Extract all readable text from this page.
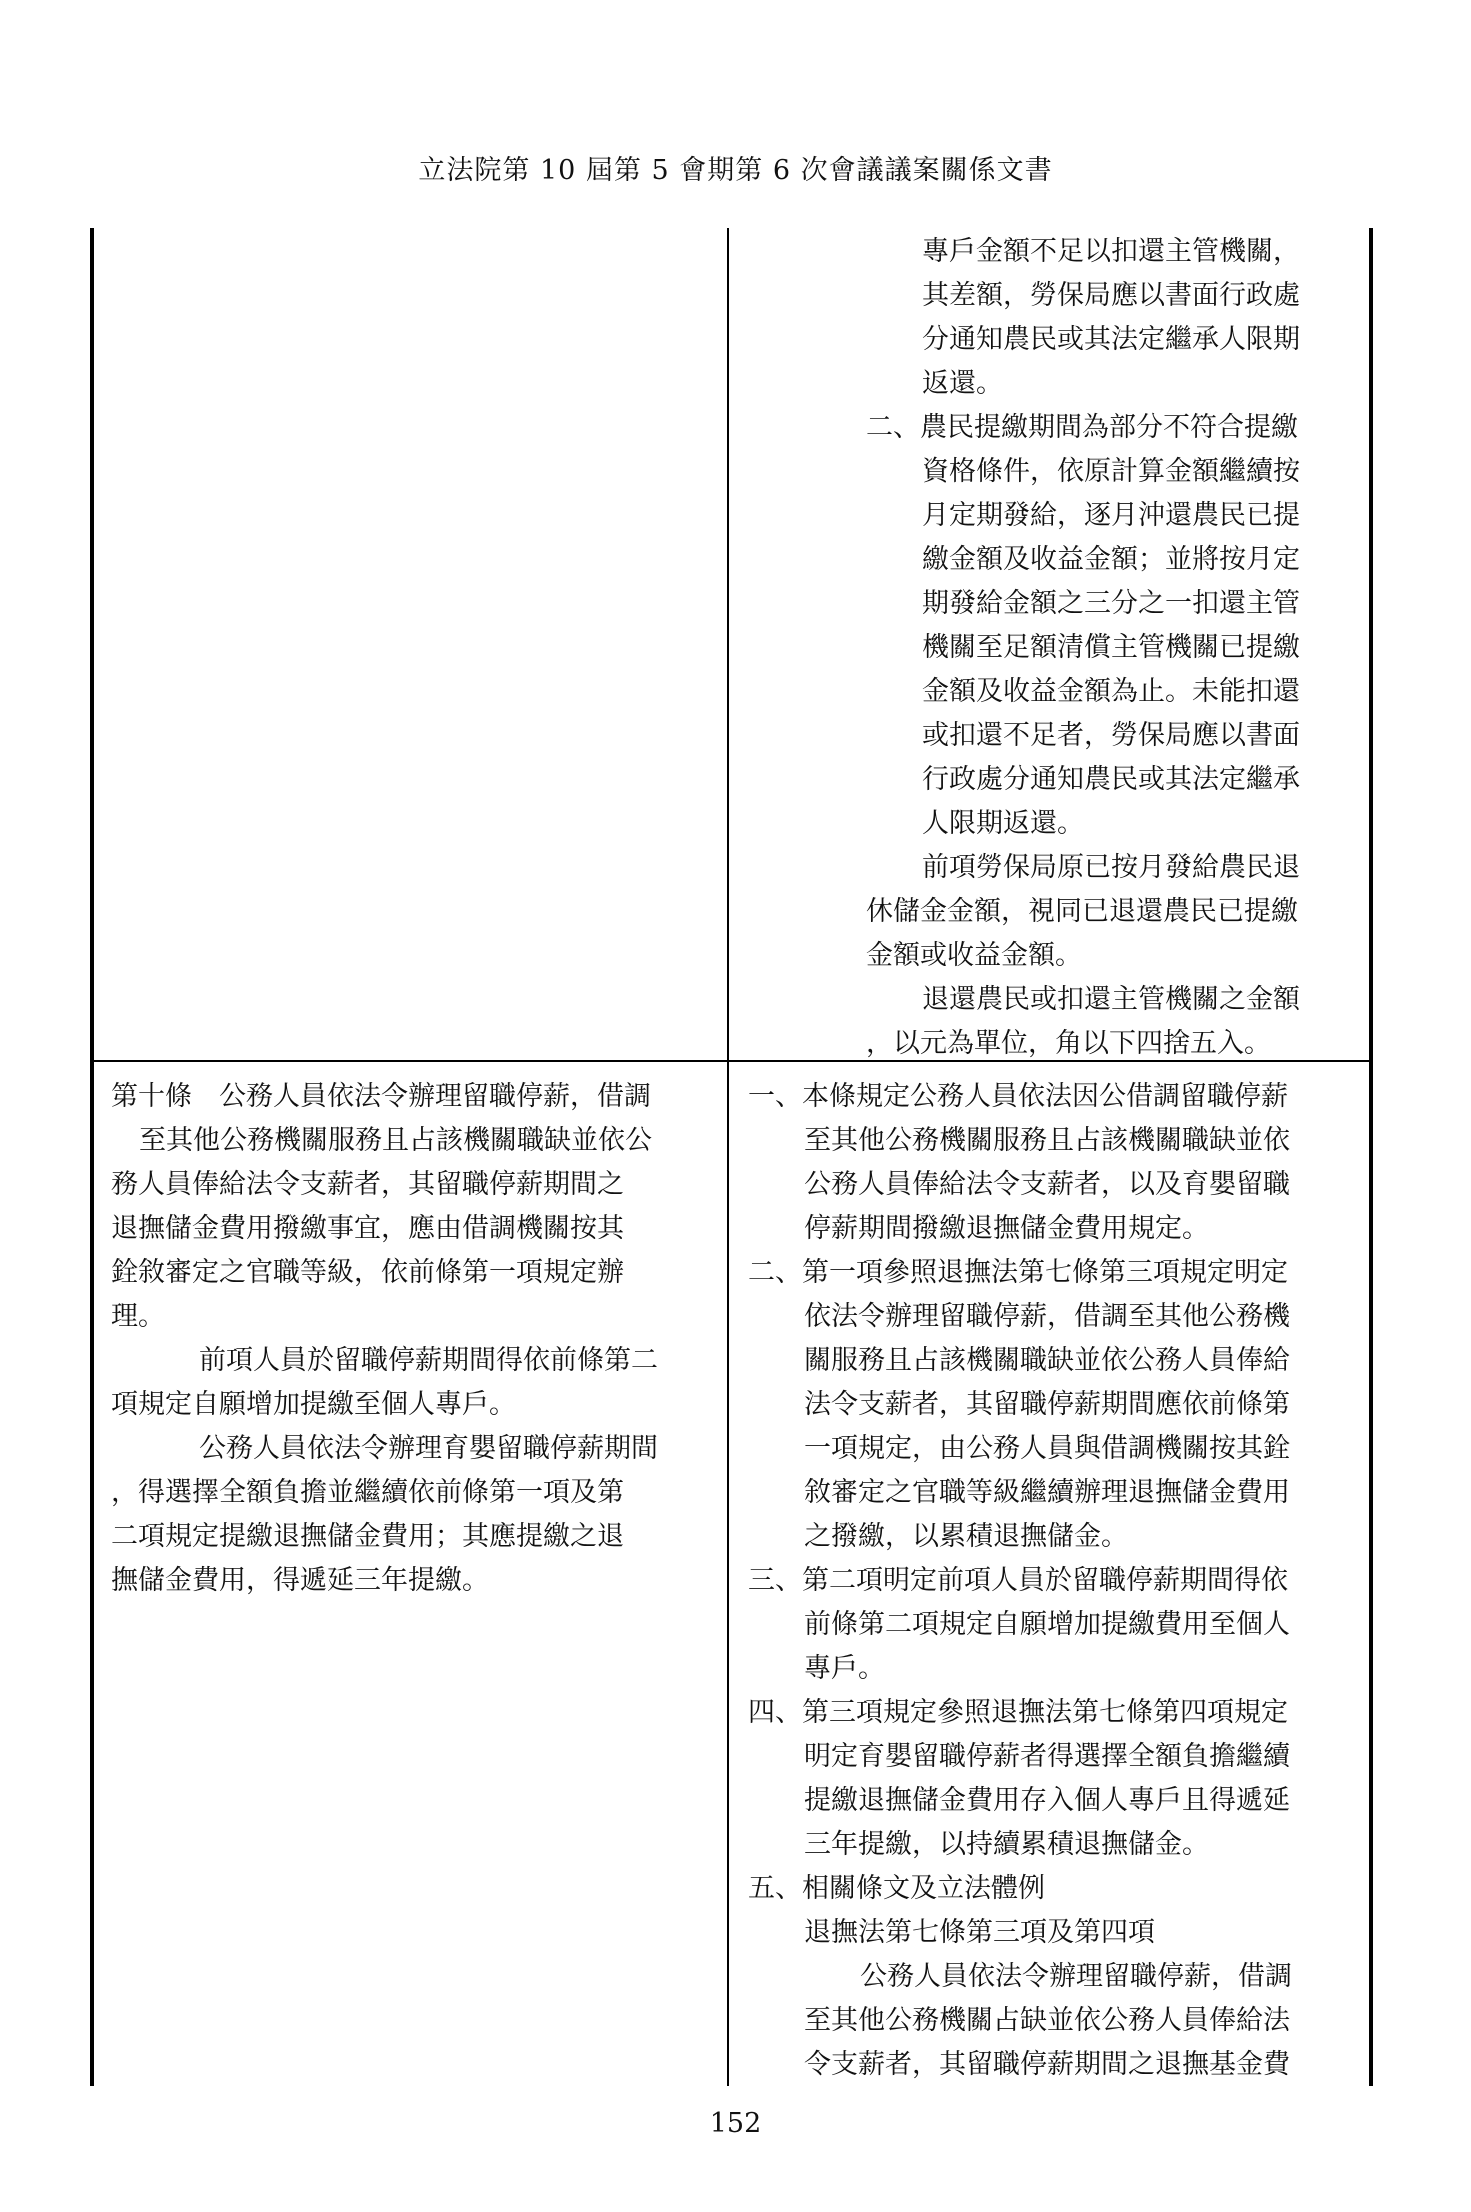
立法院第 10 屆第 5 會期第 6 次會議議案關係文書
專戶金額不足以扣還主管機關，
其差額，勞保局應以書面行政處
分通知農民或其法定繼承人限期
返還。
二、農民提繳期間為部分不符合提繳
資格條件，依原計算金額繼續按
月定期發給，逐月沖還農民已提
繳金額及收益金額；並將按月定
期發給金額之三分之一扣還主管
機關至足額清償主管機關已提繳
金額及收益金額為止。未能扣還
或扣還不足者，勞保局應以書面
行政處分通知農民或其法定繼承
人限期返還。
前項勞保局原已按月發給農民退
休儲金金額，視同已退還農民已提繳
金額或收益金額。
退還農民或扣還主管機關之金額
，以元為單位，角以下四捨五入。
第十條　公務人員依法令辦理留職停薪，借調
至其他公務機關服務且占該機關職缺並依公
務人員俸給法令支薪者，其留職停薪期間之
退撫儲金費用撥繳事宜，應由借調機關按其
銓敘審定之官職等級，依前條第一項規定辦
理。
前項人員於留職停薪期間得依前條第二
項規定自願增加提繳至個人專戶。
公務人員依法令辦理育嬰留職停薪期間
，得選擇全額負擔並繼續依前條第一項及第
二項規定提繳退撫儲金費用；其應提繳之退
撫儲金費用，得遞延三年提繳。
一、本條規定公務人員依法因公借調留職停薪
至其他公務機關服務且占該機關職缺並依
公務人員俸給法令支薪者，以及育嬰留職
停薪期間撥繳退撫儲金費用規定。
二、第一項參照退撫法第七條第三項規定明定
依法令辦理留職停薪，借調至其他公務機
關服務且占該機關職缺並依公務人員俸給
法令支薪者，其留職停薪期間應依前條第
一項規定，由公務人員與借調機關按其銓
敘審定之官職等級繼續辦理退撫儲金費用
之撥繳，以累積退撫儲金。
三、第二項明定前項人員於留職停薪期間得依
前條第二項規定自願增加提繳費用至個人
專戶。
四、第三項規定參照退撫法第七條第四項規定
明定育嬰留職停薪者得選擇全額負擔繼續
提繳退撫儲金費用存入個人專戶且得遞延
三年提繳，以持續累積退撫儲金。
五、相關條文及立法體例
退撫法第七條第三項及第四項
公務人員依法令辦理留職停薪，借調
至其他公務機關占缺並依公務人員俸給法
令支薪者，其留職停薪期間之退撫基金費
152
